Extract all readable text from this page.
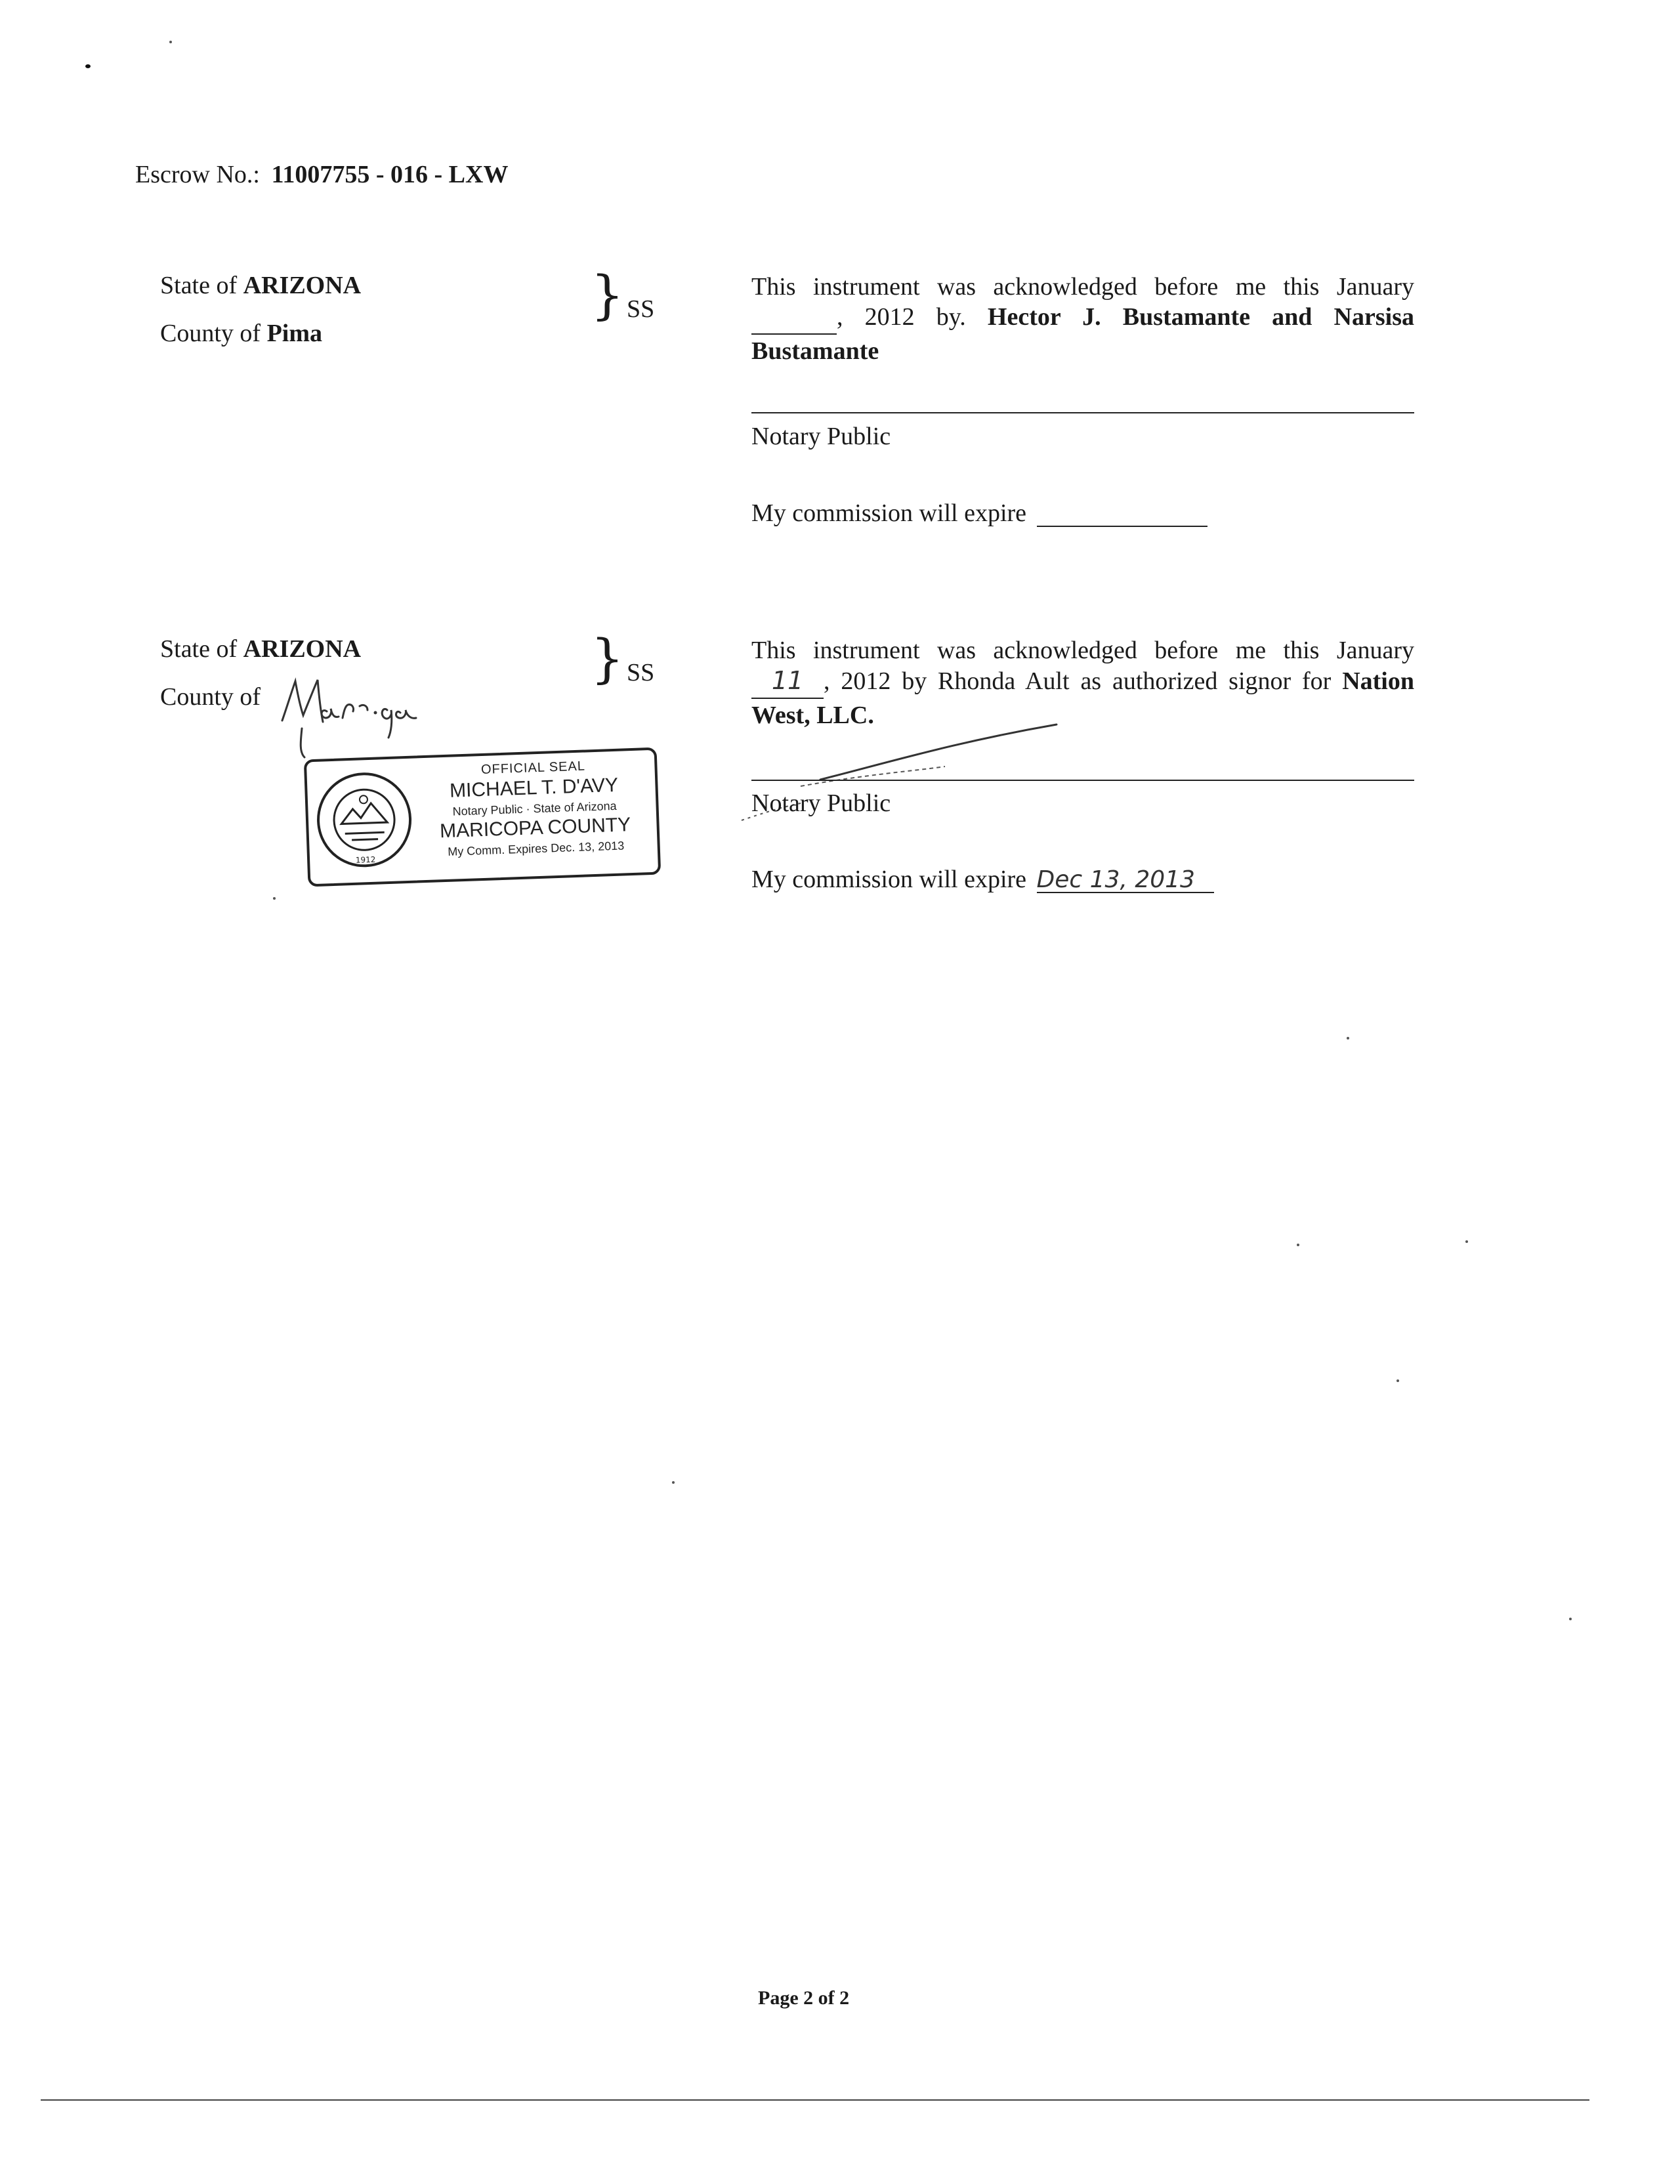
Escrow No.: 11007755 - 016 - LXW
State of ARIZONA
County of Pima
} SS
This instrument was acknowledged before me this January
, 2012 by. Hector J. Bustamante and Narsisa Bustamante
Notary Public
My commission will expire
State of ARIZONA
County of
} SS
1912
OFFICIAL SEAL
MICHAEL T. D'AVY
Notary Public · State of Arizona
MARICOPA COUNTY
My Comm. Expires Dec. 13, 2013
This instrument was acknowledged before me this January
11 , 2012 by Rhonda Ault as authorized signor for Nation West, LLC.
Notary Public
My commission will expire Dec 13, 2013
Page 2 of 2
